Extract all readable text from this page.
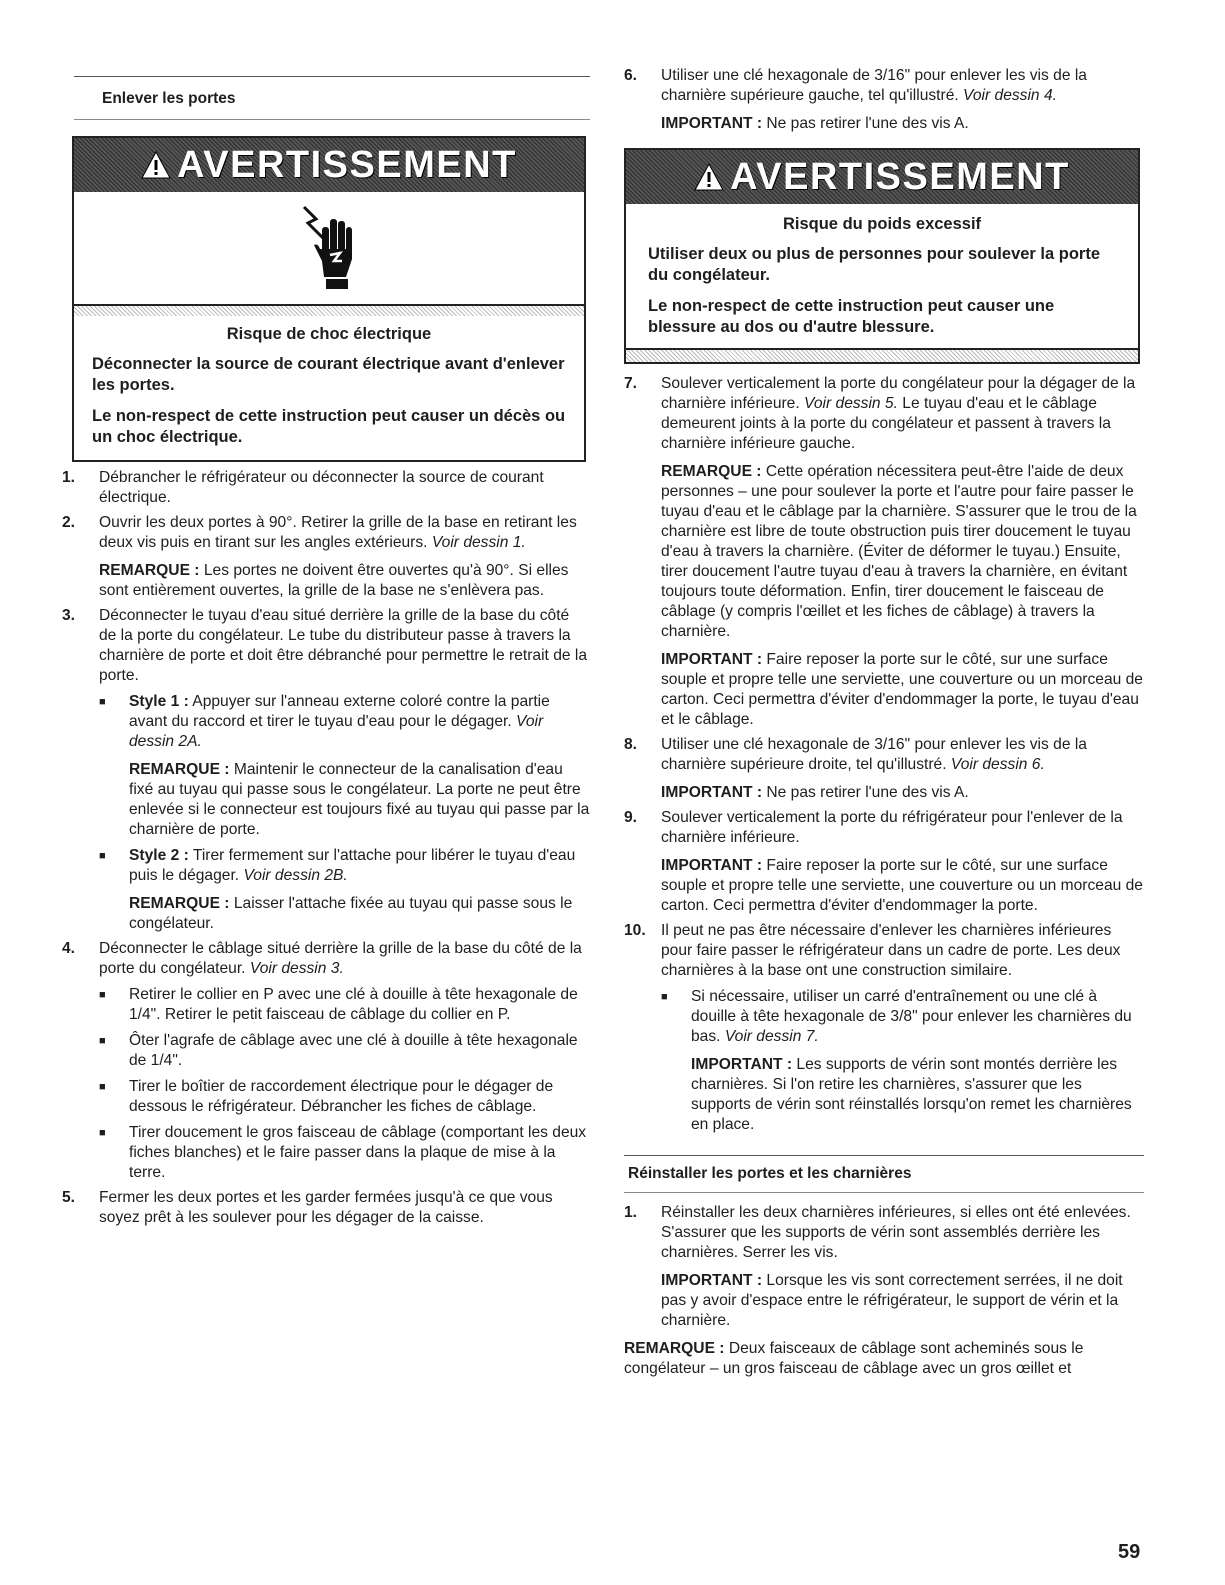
Enlever les portes
AVERTISSEMENT
Risque de choc électrique
Déconnecter la source de courant électrique avant d'enlever les portes.
Le non-respect de cette instruction peut causer un décès ou un choc électrique.
1.	Débrancher le réfrigérateur ou déconnecter la source de courant électrique.

2.	Ouvrir les deux portes à 90°. Retirer la grille de la base en retirant les deux vis puis en tirant sur les angles extérieurs. Voir dessin 1.

REMARQUE : Les portes ne doivent être ouvertes qu'à 90°. Si elles sont entièrement ouvertes, la grille de la base ne s'enlèvera pas.

3.	Déconnecter le tuyau d'eau situé derrière la grille de la base du côté de la porte du congélateur. Le tube du distributeur passe à travers la charnière de porte et doit être débranché pour permettre le retrait de la porte.

■	Style 1 : Appuyer sur l'anneau externe coloré contre la partie avant du raccord et tirer le tuyau d'eau pour le dégager. Voir dessin 2A.

REMARQUE : Maintenir le connecteur de la canalisation d'eau fixé au tuyau qui passe sous le congélateur. La porte ne peut être enlevée si le connecteur est toujours fixé au tuyau qui passe par la charnière de porte.

■	Style 2 : Tirer fermement sur l'attache pour libérer le tuyau d'eau puis le dégager. Voir dessin 2B.

REMARQUE : Laisser l'attache fixée au tuyau qui passe sous le congélateur.

4.	Déconnecter le câblage situé derrière la grille de la base du côté de la porte du congélateur. Voir dessin 3.

■	Retirer le collier en P avec une clé à douille à tête hexagonale de 1/4". Retirer le petit faisceau de câblage du collier en P.
■	Ôter l'agrafe de câblage avec une clé à douille à tête hexagonale de 1/4".
■	Tirer le boîtier de raccordement électrique pour le dégager de dessous le réfrigérateur. Débrancher les fiches de câblage.
■	Tirer doucement le gros faisceau de câblage (comportant les deux fiches blanches) et le faire passer dans la plaque de mise à la terre.
5.	Fermer les deux portes et les garder fermées jusqu'à ce que vous soyez prêt à les soulever pour les dégager de la caisse.

6.	Utiliser une clé hexagonale de 3/16" pour enlever les vis de la charnière supérieure gauche, tel qu'illustré. Voir dessin 4.

IMPORTANT : Ne pas retirer l'une des vis A.

AVERTISSEMENT
Risque du poids excessif
Utiliser deux ou plus de personnes pour soulever la porte du congélateur.
Le non-respect de cette instruction peut causer une blessure au dos ou d'autre blessure.
7.	Soulever verticalement la porte du congélateur pour la dégager de la charnière inférieure. Voir dessin 5. Le tuyau d'eau et le câblage demeurent joints à la porte du congélateur et passent à travers la charnière inférieure gauche.

REMARQUE : Cette opération nécessitera peut-être l'aide de deux personnes – une pour soulever la porte et l'autre pour faire passer le tuyau d'eau et le câblage par la charnière. S'assurer que le trou de la charnière est libre de toute obstruction puis tirer doucement le tuyau d'eau à travers la charnière. (Éviter de déformer le tuyau.) Ensuite, tirer doucement l'autre tuyau d'eau à travers la charnière, en évitant toujours toute déformation. Enfin, tirer doucement le faisceau de câblage (y compris l'œillet et les fiches de câblage) à travers la charnière.

IMPORTANT : Faire reposer la porte sur le côté, sur une surface souple et propre telle une serviette, une couverture ou un morceau de carton. Ceci permettra d'éviter d'endommager la porte, le tuyau d'eau et le câblage.

8.	Utiliser une clé hexagonale de 3/16" pour enlever les vis de la charnière supérieure droite, tel qu'illustré. Voir dessin 6.

IMPORTANT : Ne pas retirer l'une des vis A.

9.	Soulever verticalement la porte du réfrigérateur pour l'enlever de la charnière inférieure.

IMPORTANT : Faire reposer la porte sur le côté, sur une surface souple et propre telle une serviette, une couverture ou un morceau de carton. Ceci permettra d'éviter d'endommager la porte.

10. Il peut ne pas être nécessaire d'enlever les charnières inférieures pour faire passer le réfrigérateur dans un cadre de porte. Les deux charnières à la base ont une construction similaire.

■	Si nécessaire, utiliser un carré d'entraînement ou une clé à douille à tête hexagonale de 3/8" pour enlever les charnières du bas. Voir dessin 7.

IMPORTANT : Les supports de vérin sont montés derrière les charnières. Si l'on retire les charnières, s'assurer que les supports de vérin sont réinstallés lorsqu'on remet les charnières en place.

Réinstaller les portes et les charnières
1.	Réinstaller les deux charnières inférieures, si elles ont été enlevées. S'assurer que les supports de vérin sont assemblés derrière les charnières. Serrer les vis.

IMPORTANT : Lorsque les vis sont correctement serrées, il ne doit pas y avoir d'espace entre le réfrigérateur, le support de vérin et la charnière.

REMARQUE : Deux faisceaux de câblage sont acheminés sous le congélateur – un gros faisceau de câblage avec un gros œillet et

59
